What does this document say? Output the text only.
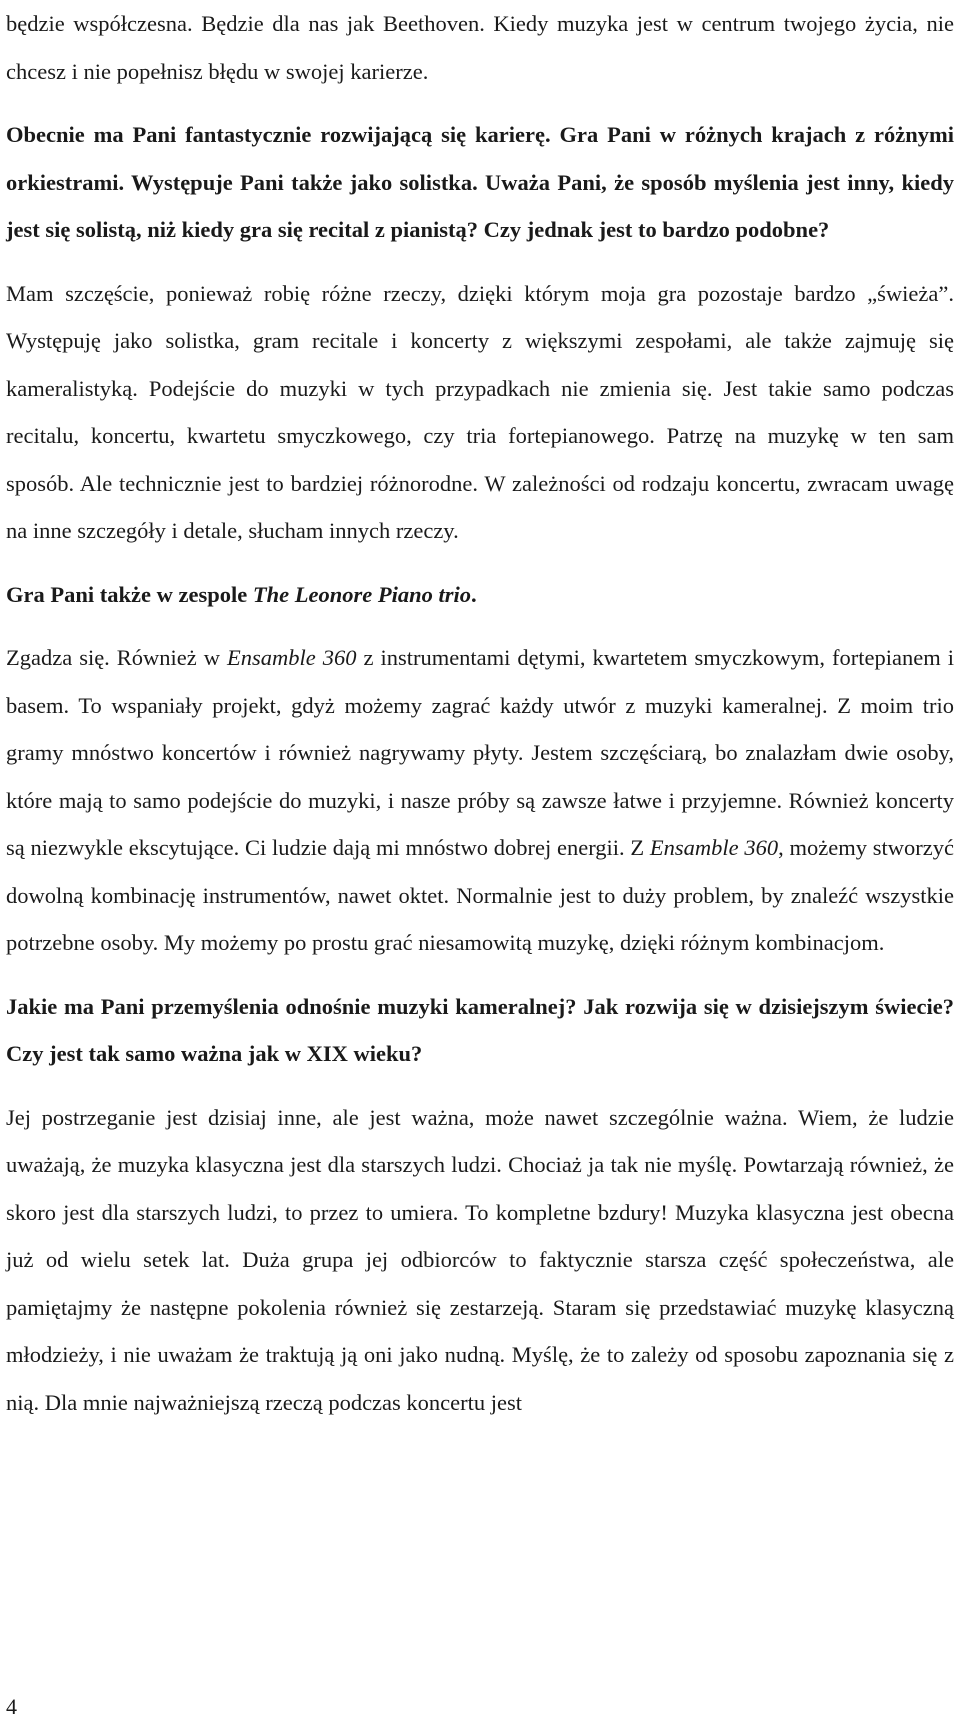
będzie współczesna. Będzie dla nas jak Beethoven. Kiedy muzyka jest w centrum twojego życia, nie chcesz i nie popełnisz błędu w swojej karierze.

Obecnie ma Pani fantastycznie rozwijającą się karierę. Gra Pani w różnych krajach z różnymi orkiestrami. Występuje Pani także jako solistka. Uważa Pani, że sposób myślenia jest inny, kiedy jest się solistą, niż kiedy gra się recital z pianistą? Czy jednak jest to bardzo podobne?

Mam szczęście, ponieważ robię różne rzeczy, dzięki którym moja gra pozostaje bardzo „świeża”. Występuję jako solistka, gram recitale i koncerty z większymi zespołami, ale także zajmuję się kameralistyką. Podejście do muzyki w tych przypadkach nie zmienia się. Jest takie samo podczas recitalu, koncertu, kwartetu smyczkowego, czy tria fortepianowego. Patrzę na muzykę w ten sam sposób. Ale technicznie jest to bardziej różnorodne. W zależności od rodzaju koncertu, zwracam uwagę na inne szczegóły i detale, słucham innych rzeczy.

Gra Pani także w zespole The Leonore Piano trio.

Zgadza się. Również w Ensamble 360 z instrumentami dętymi, kwartetem smyczkowym, fortepianem i basem. To wspaniały projekt, gdyż możemy zagrać każdy utwór z muzyki kameralnej. Z moim trio gramy mnóstwo koncertów i również nagrywamy płyty. Jestem szczęściarą, bo znalazłam dwie osoby, które mają to samo podejście do muzyki, i nasze próby są zawsze łatwe i przyjemne. Również koncerty są niezwykle ekscytujące. Ci ludzie dają mi mnóstwo dobrej energii. Z Ensamble 360, możemy stworzyć dowolną kombinację instrumentów, nawet oktet. Normalnie jest to duży problem, by znaleźć wszystkie potrzebne osoby. My możemy po prostu grać niesamowitą muzykę, dzięki różnym kombinacjom.

Jakie ma Pani przemyślenia odnośnie muzyki kameralnej? Jak rozwija się w dzisiejszym świecie? Czy jest tak samo ważna jak w XIX wieku?

Jej postrzeganie jest dzisiaj inne, ale jest ważna, może nawet szczególnie ważna. Wiem, że ludzie uważają, że muzyka klasyczna jest dla starszych ludzi. Chociaż ja tak nie myślę. Powtarzają również, że skoro jest dla starszych ludzi, to przez to umiera. To kompletne bzdury! Muzyka klasyczna jest obecna już od wielu setek lat. Duża grupa jej odbiorców to faktycznie starsza część społeczeństwa, ale pamiętajmy że następne pokolenia również się zestarzeją. Staram się przedstawiać muzykę klasyczną młodzieży, i nie uważam że traktują ją oni jako nudną. Myślę, że to zależy od sposobu zapoznania się z nią. Dla mnie najważniejszą rzeczą podczas koncertu jest

4
